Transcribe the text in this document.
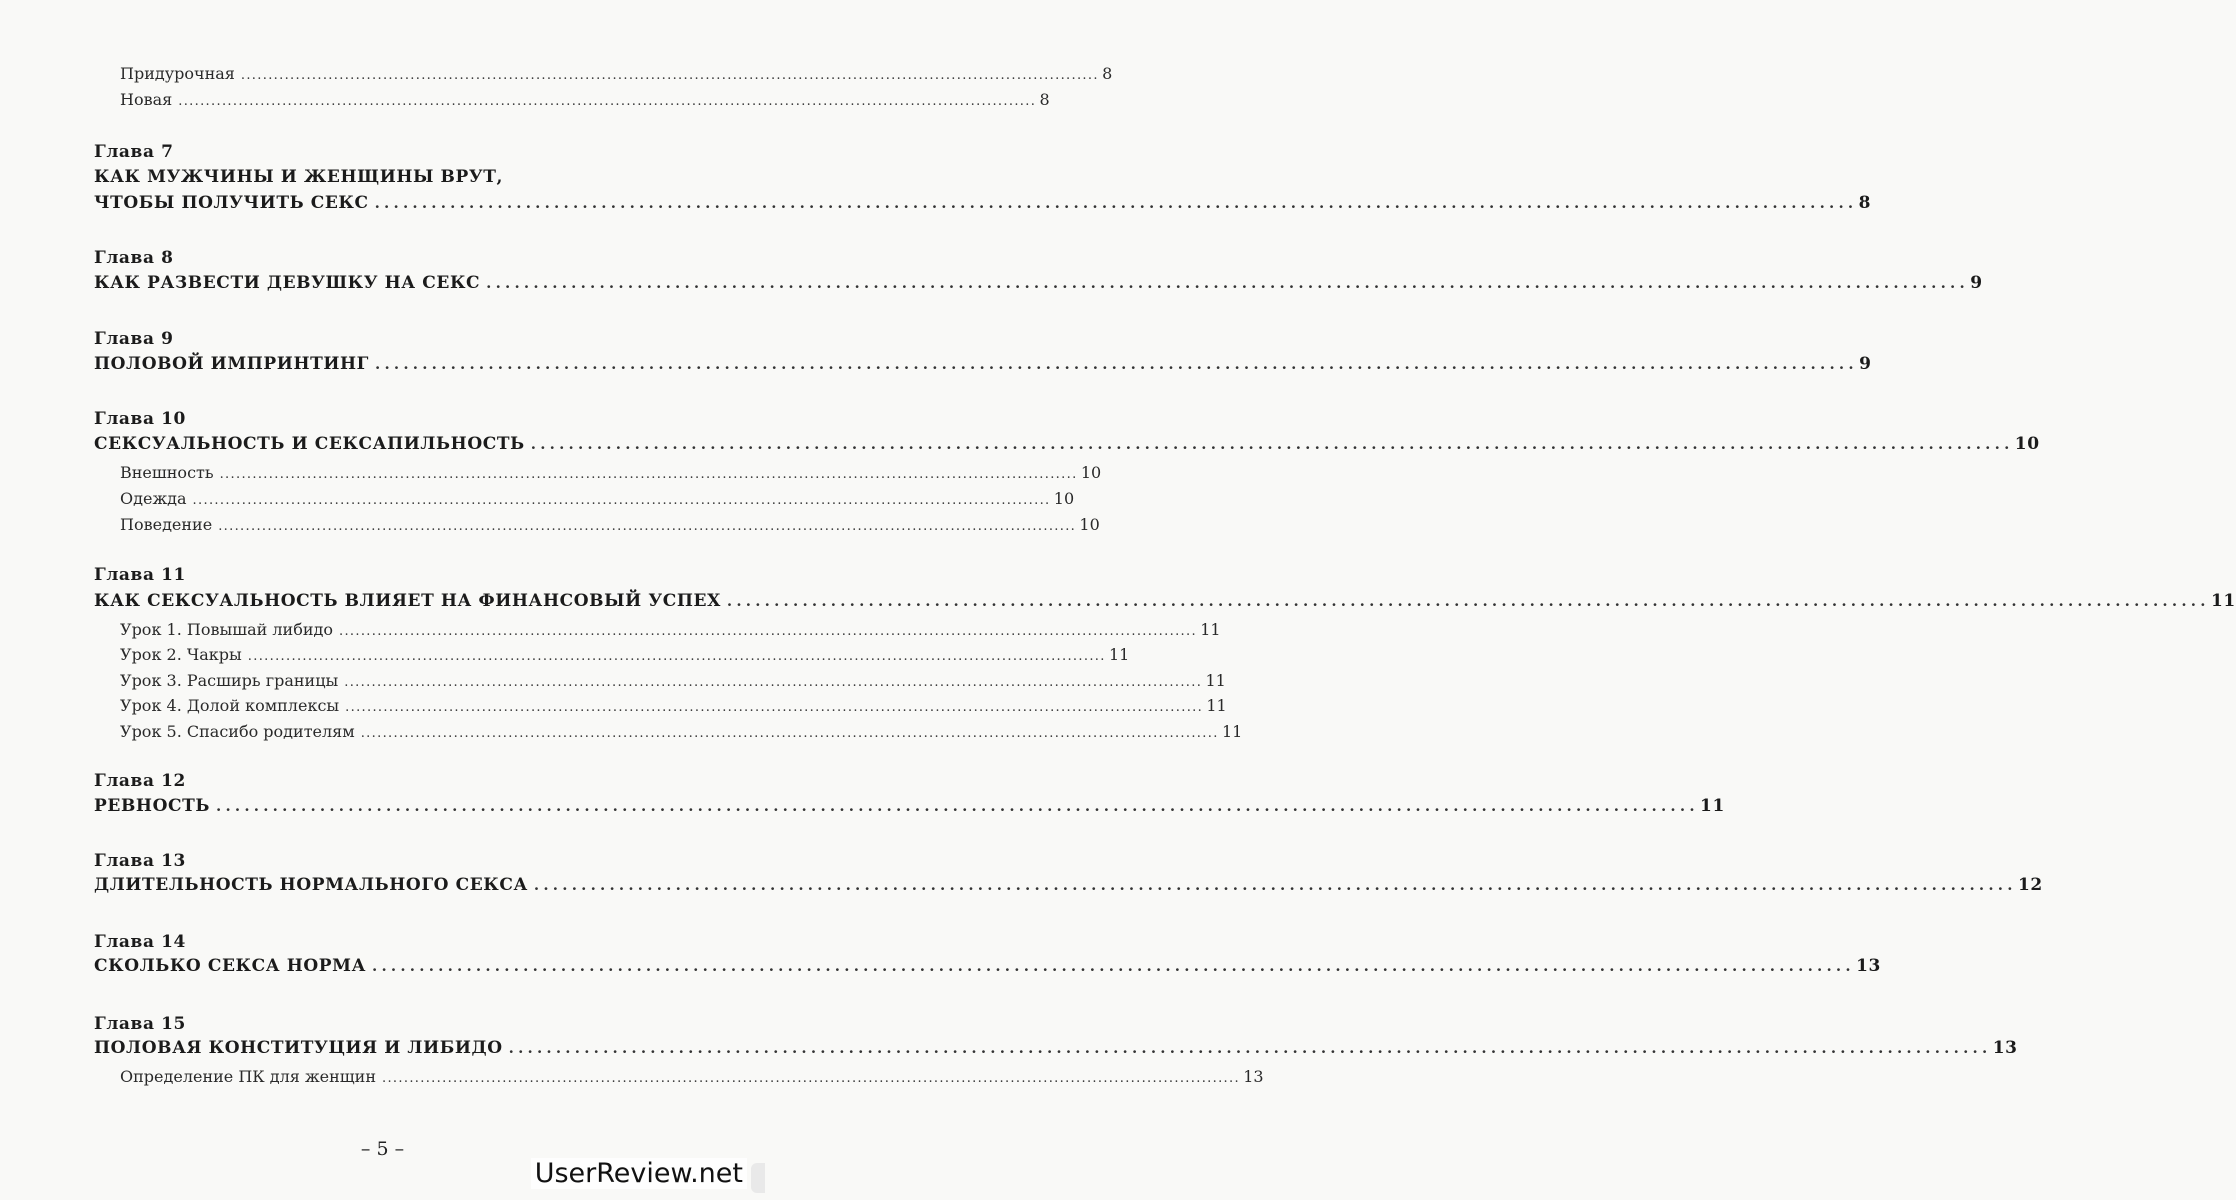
Придурочная . . .	8
Новая . . .	8
Глава 7
КАК МУЖЧИНЫ И ЖЕНЩИНЫ ВРУТ,
ЧТОБЫ ПОЛУЧИТЬ СЕКС . . .	8
Глава 8
КАК РАЗВЕСТИ ДЕВУШКУ НА СЕКС . . .	9
Глава 9
ПОЛОВОЙ ИМПРИНТИНГ . . .	9
Глава 10
СЕКСУАЛЬНОСТЬ И СЕКСАПИЛЬНОСТЬ . . .	10
Внешность . . .	10
Одежда . . .	10
Поведение . . .	10
Глава 11
КАК СЕКСУАЛЬНОСТЬ ВЛИЯЕТ НА ФИНАНСОВЫЙ УСПЕХ . . .	11
Урок 1. Повышай либидо . . .	11
Урок 2. Чакры . . .	11
Урок 3. Расширь границы . . .	11
Урок 4. Долой комплексы . . .	11
Урок 5. Спасибо родителям . . .	11
Глава 12
РЕВНОСТЬ . . .	11
Глава 13
ДЛИТЕЛЬНОСТЬ НОРМАЛЬНОГО СЕКСА . . .	12
Глава 14
СКОЛЬКО СЕКСА НОРМА . . .	13
Глава 15
ПОЛОВАЯ КОНСТИТУЦИЯ И ЛИБИДО . . .	13
Определение ПК для женщин . . .	13
– 5 –
UserReview.net
